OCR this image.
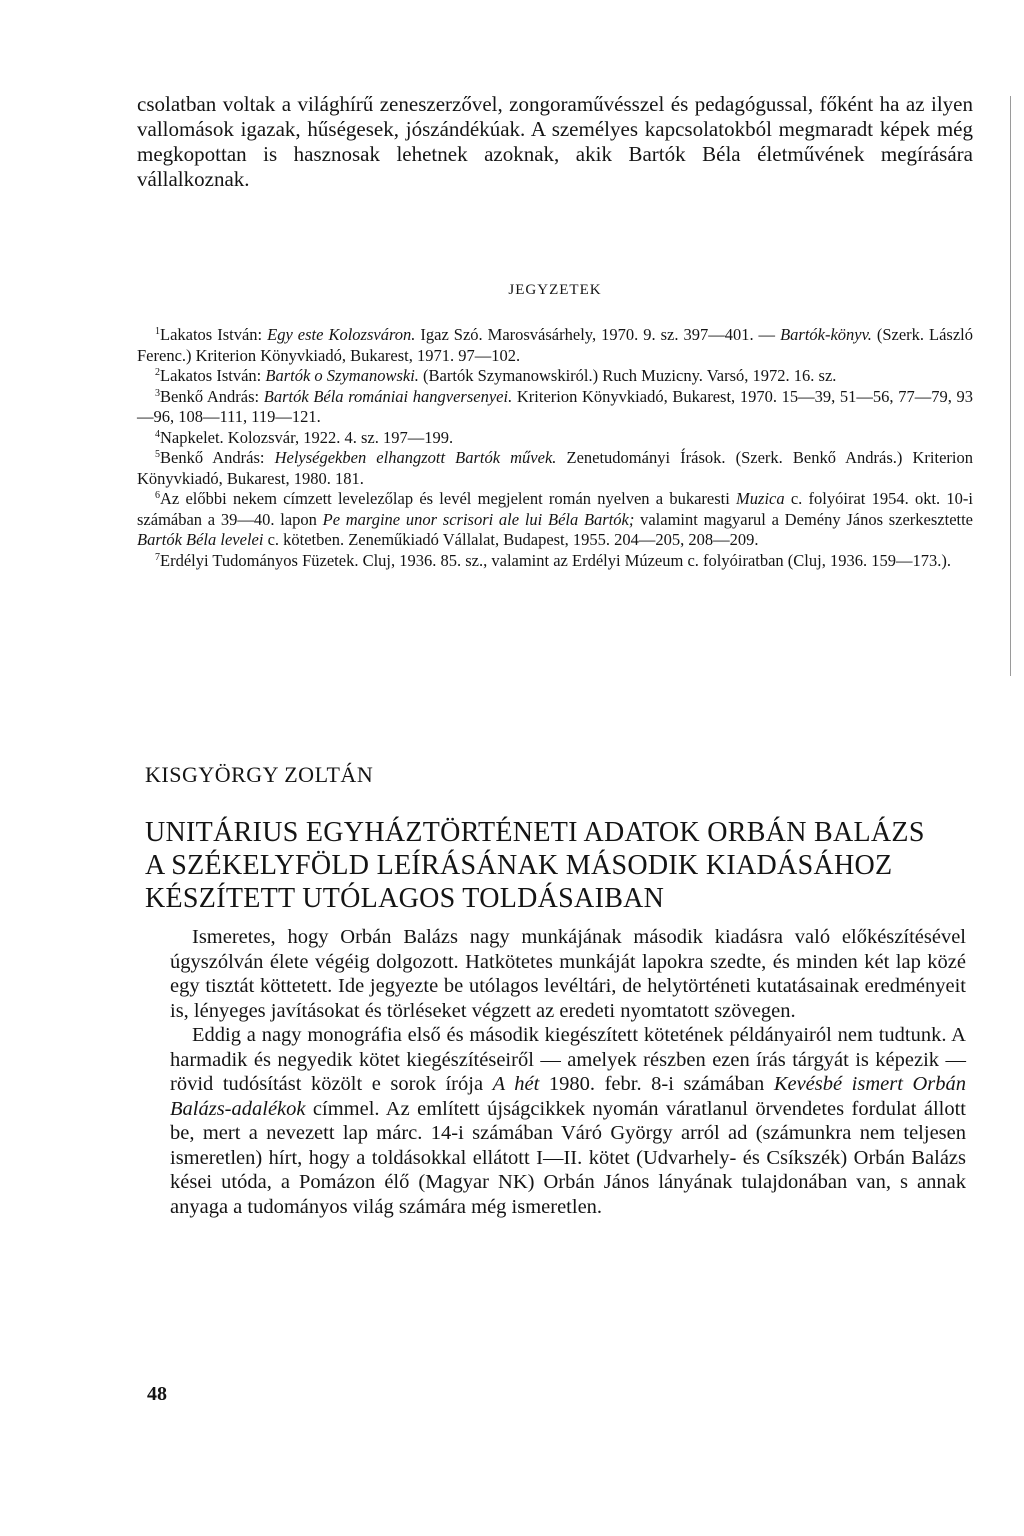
csolatban voltak a világhírű zeneszerzővel, zongoraművésszel és pedagógussal, főként ha az ilyen vallomások igazak, hűségesek, jószándékúak. A személyes kapcsolatokból megmaradt képek még megkopottan is hasznosak lehetnek azoknak, akik Bartók Béla életművének megírására vállalkoznak.

JEGYZETEK

$^1$Lakatos István: Egy este Kolozsváron. Igaz Szó. Marosvásárhely, 1970. 9. sz. 397—401. — Bartók-könyv. (Szerk. László Ferenc.) Kriterion Könyvkiadó, Bukarest, 1971. 97—102.

$^2$Lakatos István: Bartók o Szymanowski. (Bartók Szymanowskiról.) Ruch Muzicny. Varsó, 1972. 16. sz.

$^3$Benkő András: Bartók Béla romániai hangversenyei. Kriterion Könyvkiadó, Bukarest, 1970. 15—39, 51—56, 77—79, 93—96, 108—111, 119—121.

$^4$Napkelet. Kolozsvár, 1922. 4. sz. 197—199.

$^5$Benkő András: Helységekben elhangzott Bartók művek. Zenetudományi Írások. (Szerk. Benkő András.) Kriterion Könyvkiadó, Bukarest, 1980. 181.

$^6$Az előbbi nekem címzett levelezőlap és levél megjelent román nyelven a bukaresti Muzica c. folyóirat 1954. okt. 10-i számában a 39—40. lapon Pe margine unor scrisori ale lui Béla Bartók; valamint magyarul a Demény János szerkesztette Bartók Béla levelei c. kötetben. Zeneműkiadó Vállalat, Budapest, 1955. 204—205, 208—209.

$^7$Erdélyi Tudományos Füzetek. Cluj, 1936. 85. sz., valamint az Erdélyi Múzeum c. folyóiratban (Cluj, 1936. 159—173.).

KISGYÖRGY ZOLTÁN
UNITÁRIUS EGYHÁZTÖRTÉNETI ADATOK ORBÁN BALÁZS
A SZÉKELYFÖLD LEÍRÁSÁNAK MÁSODIK KIADÁSÁHOZ
KÉSZÍTETT UTÓLAGOS TOLDÁSAIBAN

Ismeretes, hogy Orbán Balázs nagy munkájának második kiadásra való előkészítésével úgyszólván élete végéig dolgozott. Hatkötetes munkáját lapokra szedte, és minden két lap közé egy tisztát köttetett. Ide jegyezte be utólagos levéltári, de helytörténeti kutatásainak eredményeit is, lényeges javításokat és törléseket végzett az eredeti nyomtatott szövegen.

Eddig a nagy monográfia első és második kiegészített kötetének példányairól nem tudtunk. A harmadik és negyedik kötet kiegészítéseiről — amelyek részben ezen írás tárgyát is képezik — rövid tudósítást közölt e sorok írója A hét 1980. febr. 8-i számában Kevésbé ismert Orbán Balázs-adalékok címmel. Az említett újságcikkek nyomán váratlanul örvendetes fordulat állott be, mert a nevezett lap márc. 14-i számában Váró György arról ad (számunkra nem teljesen ismeretlen) hírt, hogy a toldásokkal ellátott I—II. kötet (Udvarhely- és Csíkszék) Orbán Balázs kései utóda, a Pomázon élő (Magyar NK) Orbán János lányának tulajdonában van, s annak anyaga a tudományos világ számára még ismeretlen.

48
